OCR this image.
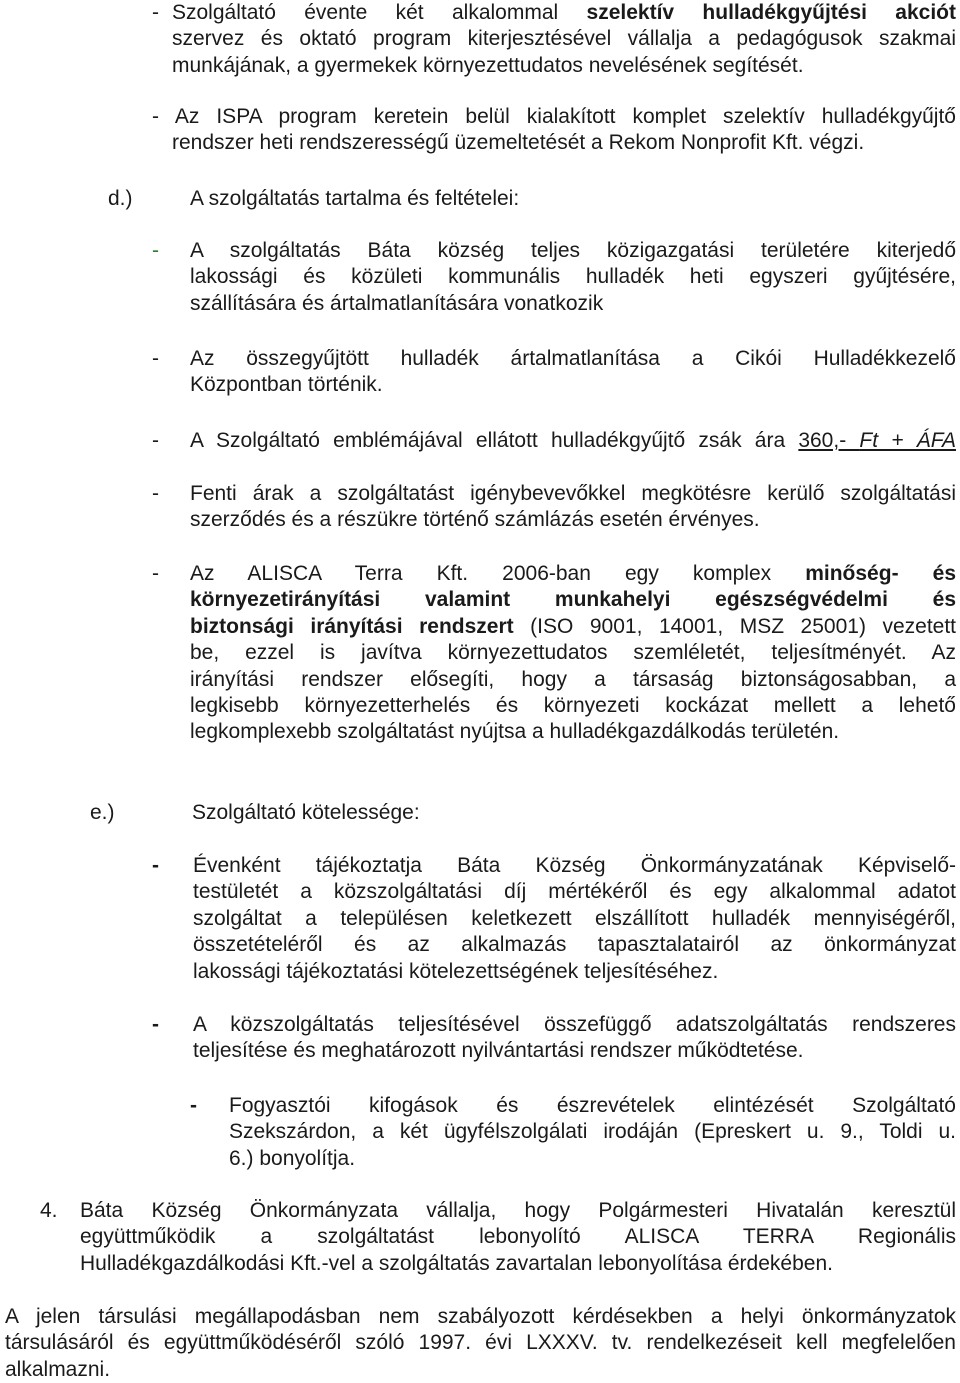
- Szolgáltató évente két alkalommal szelektív hulladékgyűjtési akciót
szervez és oktató program kiterjesztésével vállalja a pedagógusok szakmai
munkájának, a gyermekek környezettudatos nevelésének segítését.
- Az ISPA program keretein belül kialakított komplet szelektív hulladékgyűjtő
rendszer heti rendszerességű üzemeltetését a Rekom Nonprofit Kft. végzi.
d.)	A szolgáltatás tartalma és feltételei:
- A szolgáltatás Báta község teljes közigazgatási területére kiterjedő
lakossági és közületi kommunális hulladék heti egyszeri gyűjtésére,
szállítására és ártalmatlanítására vonatkozik
- Az összegyűjtött hulladék ártalmatlanítása a Cikói Hulladékkezelő
Központban történik.
- A Szolgáltató emblémájával ellátott hulladékgyűjtő zsák ára 360,- Ft + ÁFA
- Fenti árak a szolgáltatást igénybevevőkkel megkötésre kerülő szolgáltatási
szerződés és a részükre történő számlázás esetén érvényes.
- Az ALISCA Terra Kft. 2006-ban egy komplex minőség- és
környezetirányítási valamint munkahelyi egészségvédelmi és
biztonsági irányítási rendszert (ISO 9001, 14001, MSZ 25001) vezetett
be, ezzel is javítva környezettudatos szemléletét, teljesítményét. Az
irányítási rendszer elősegíti, hogy a társaság biztonságosabban, a
legkisebb környezetterhelés és környezeti kockázat mellett a lehető
legkomplexebb szolgáltatást nyújtsa a hulladékgazdálkodás területén.
e.)	Szolgáltató kötelessége:
- Évenként tájékoztatja Báta Község Önkormányzatának Képviselő-
testületét a közszolgáltatási díj mértékéről és egy alkalommal adatot
szolgáltat a településen keletkezett elszállított hulladék mennyiségéről,
összetételéről és az alkalmazás tapasztalatairól az önkormányzat
lakossági tájékoztatási kötelezettségének teljesítéséhez.
- A közszolgáltatás teljesítésével összefüggő adatszolgáltatás rendszeres
teljesítése és meghatározott nyilvántartási rendszer működtetése.
- Fogyasztói kifogások és észrevételek elintézését Szolgáltató
Szekszárdon, a két ügyfélszolgálati irodáján (Epreskert u. 9., Toldi u.
6.) bonyolítja.
4. Báta Község Önkormányzata vállalja, hogy Polgármesteri Hivatalán keresztül
együttműködik a szolgáltatást lebonyolító ALISCA TERRA Regionális
Hulladékgazdálkodási Kft.-vel a szolgáltatás zavartalan lebonyolítása érdekében.
A jelen társulási megállapodásban nem szabályozott kérdésekben a helyi önkormányzatok
társulásáról és együttműködéséről szóló 1997. évi LXXXV. tv. rendelkezéseit kell megfelelően
alkalmazni.
